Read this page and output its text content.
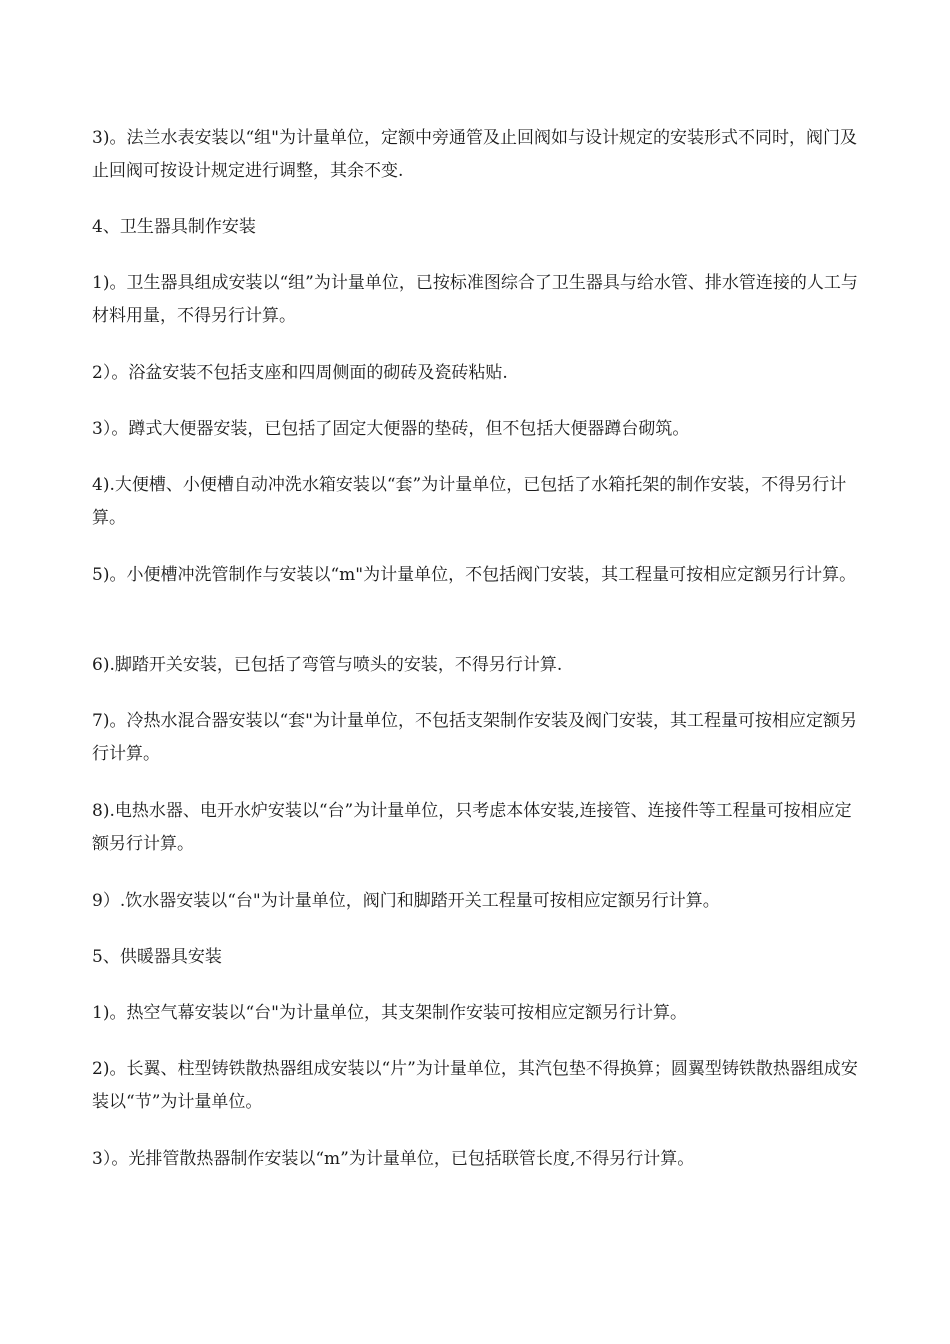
3)。法兰水表安装以“组"为计量单位，定额中旁通管及止回阀如与设计规定的安装形式不同时，阀门及止回阀可按设计规定进行调整，其余不变.

4、卫生器具制作安装

1)。卫生器具组成安装以“组”为计量单位，已按标准图综合了卫生器具与给水管、排水管连接的人工与材料用量，不得另行计算。

2）。浴盆安装不包括支座和四周侧面的砌砖及瓷砖粘贴.

3）。蹲式大便器安装，已包括了固定大便器的垫砖，但不包括大便器蹲台砌筑。

4).大便槽、小便槽自动冲洗水箱安装以“套”为计量单位，已包括了水箱托架的制作安装，不得另行计算。

5)。小便槽冲洗管制作与安装以“m"为计量单位，不包括阀门安装，其工程量可按相应定额另行计算。

6).脚踏开关安装，已包括了弯管与喷头的安装，不得另行计算.

7)。冷热水混合器安装以“套"为计量单位，不包括支架制作安装及阀门安装，其工程量可按相应定额另行计算。

8).电热水器、电开水炉安装以“台”为计量单位，只考虑本体安装,连接管、连接件等工程量可按相应定额另行计算。

9）.饮水器安装以“台"为计量单位，阀门和脚踏开关工程量可按相应定额另行计算。

5、供暖器具安装

1)。热空气幕安装以“台"为计量单位，其支架制作安装可按相应定额另行计算。

2)。长翼、柱型铸铁散热器组成安装以“片”为计量单位，其汽包垫不得换算；圆翼型铸铁散热器组成安装以“节”为计量单位。

3）。光排管散热器制作安装以“m”为计量单位，已包括联管长度,不得另行计算。
